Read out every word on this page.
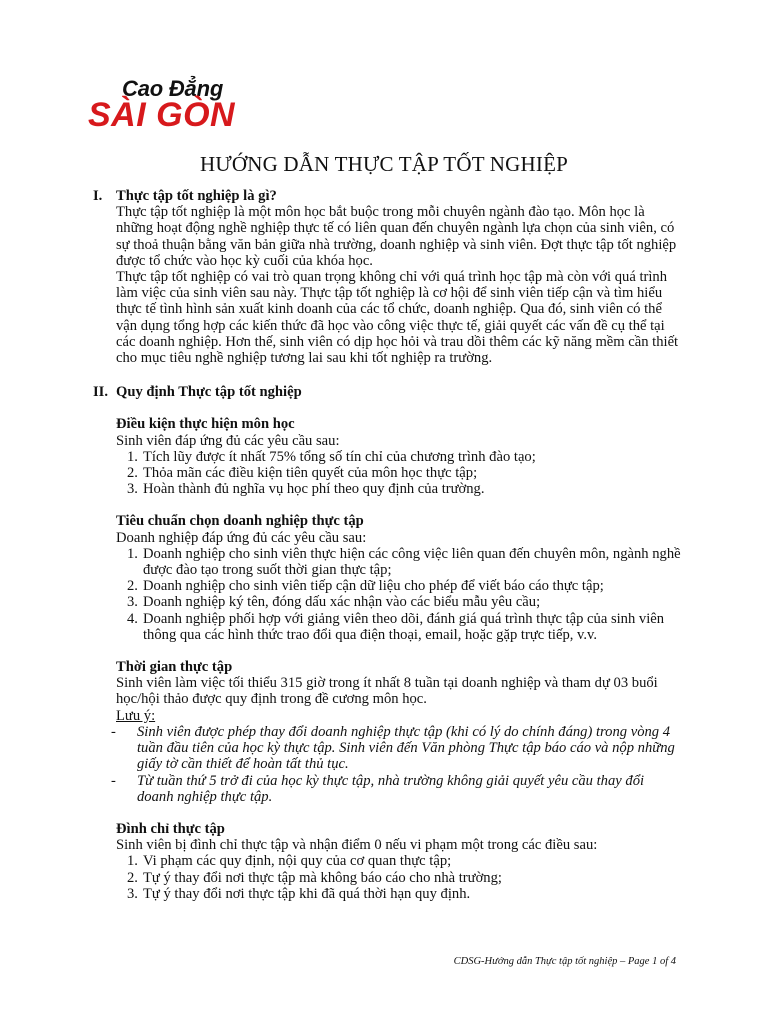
Cao Đẳng
SÀI GÒN
HƯỚNG DẪN THỰC TẬP TỐT NGHIỆP

I. Thực tập tốt nghiệp là gì?

Thực tập tốt nghiệp là một môn học bắt buộc trong mỗi chuyên ngành đào tạo. Môn học là những hoạt động nghề nghiệp thực tế có liên quan đến chuyên ngành lựa chọn của sinh viên, có sự thoả thuận bằng văn bản giữa nhà trường, doanh nghiệp và sinh viên. Đợt thực tập tốt nghiệp được tổ chức vào học kỳ cuối của khóa học.

Thực tập tốt nghiệp có vai trò quan trọng không chỉ với quá trình học tập mà còn với quá trình làm việc của sinh viên sau này. Thực tập tốt nghiệp là cơ hội để sinh viên tiếp cận và tìm hiểu thực tế tình hình sản xuất kinh doanh của các tổ chức, doanh nghiệp. Qua đó, sinh viên có thể vận dụng tổng hợp các kiến thức đã học vào công việc thực tế, giải quyết các vấn đề cụ thể tại các doanh nghiệp. Hơn thế, sinh viên có dịp học hỏi và trau dồi thêm các kỹ năng mềm cần thiết cho mục tiêu nghề nghiệp tương lai sau khi tốt nghiệp ra trường.

II. Quy định Thực tập tốt nghiệp

Điều kiện thực hiện môn học

Sinh viên đáp ứng đủ các yêu cầu sau:

1. Tích lũy được ít nhất 75% tổng số tín chỉ của chương trình đào tạo;
2. Thỏa mãn các điều kiện tiên quyết của môn học thực tập;
3. Hoàn thành đủ nghĩa vụ học phí theo quy định của trường.

Tiêu chuẩn chọn doanh nghiệp thực tập

Doanh nghiệp đáp ứng đủ các yêu cầu sau:

1. Doanh nghiệp cho sinh viên thực hiện các công việc liên quan đến chuyên môn, ngành nghề được đào tạo trong suốt thời gian thực tập;
2. Doanh nghiệp cho sinh viên tiếp cận dữ liệu cho phép để viết báo cáo thực tập;
3. Doanh nghiệp ký tên, đóng dấu xác nhận vào các biểu mẫu yêu cầu;
4. Doanh nghiệp phối hợp với giảng viên theo dõi, đánh giá quá trình thực tập của sinh viên thông qua các hình thức trao đổi qua điện thoại, email, hoặc gặp trực tiếp, v.v.

Thời gian thực tập

Sinh viên làm việc tối thiểu 315 giờ trong ít nhất 8 tuần tại doanh nghiệp và tham dự 03 buổi học/hội thảo được quy định trong đề cương môn học.

Lưu ý:

- Sinh viên được phép thay đổi doanh nghiệp thực tập (khi có lý do chính đáng) trong vòng 4 tuần đầu tiên của học kỳ thực tập. Sinh viên đến Văn phòng Thực tập báo cáo và nộp những giấy tờ cần thiết để hoàn tất thủ tục.
- Từ tuần thứ 5 trở đi của học kỳ thực tập, nhà trường không giải quyết yêu cầu thay đổi doanh nghiệp thực tập.

Đình chỉ thực tập

Sinh viên bị đình chỉ thực tập và nhận điểm 0 nếu vi phạm một trong các điều sau:

1. Vi phạm các quy định, nội quy của cơ quan thực tập;
2. Tự ý thay đổi nơi thực tập mà không báo cáo cho nhà trường;
3. Tự ý thay đổi nơi thực tập khi đã quá thời hạn quy định.
CDSG-Hướng dẫn Thực tập tốt nghiệp – Page 1 of 4
